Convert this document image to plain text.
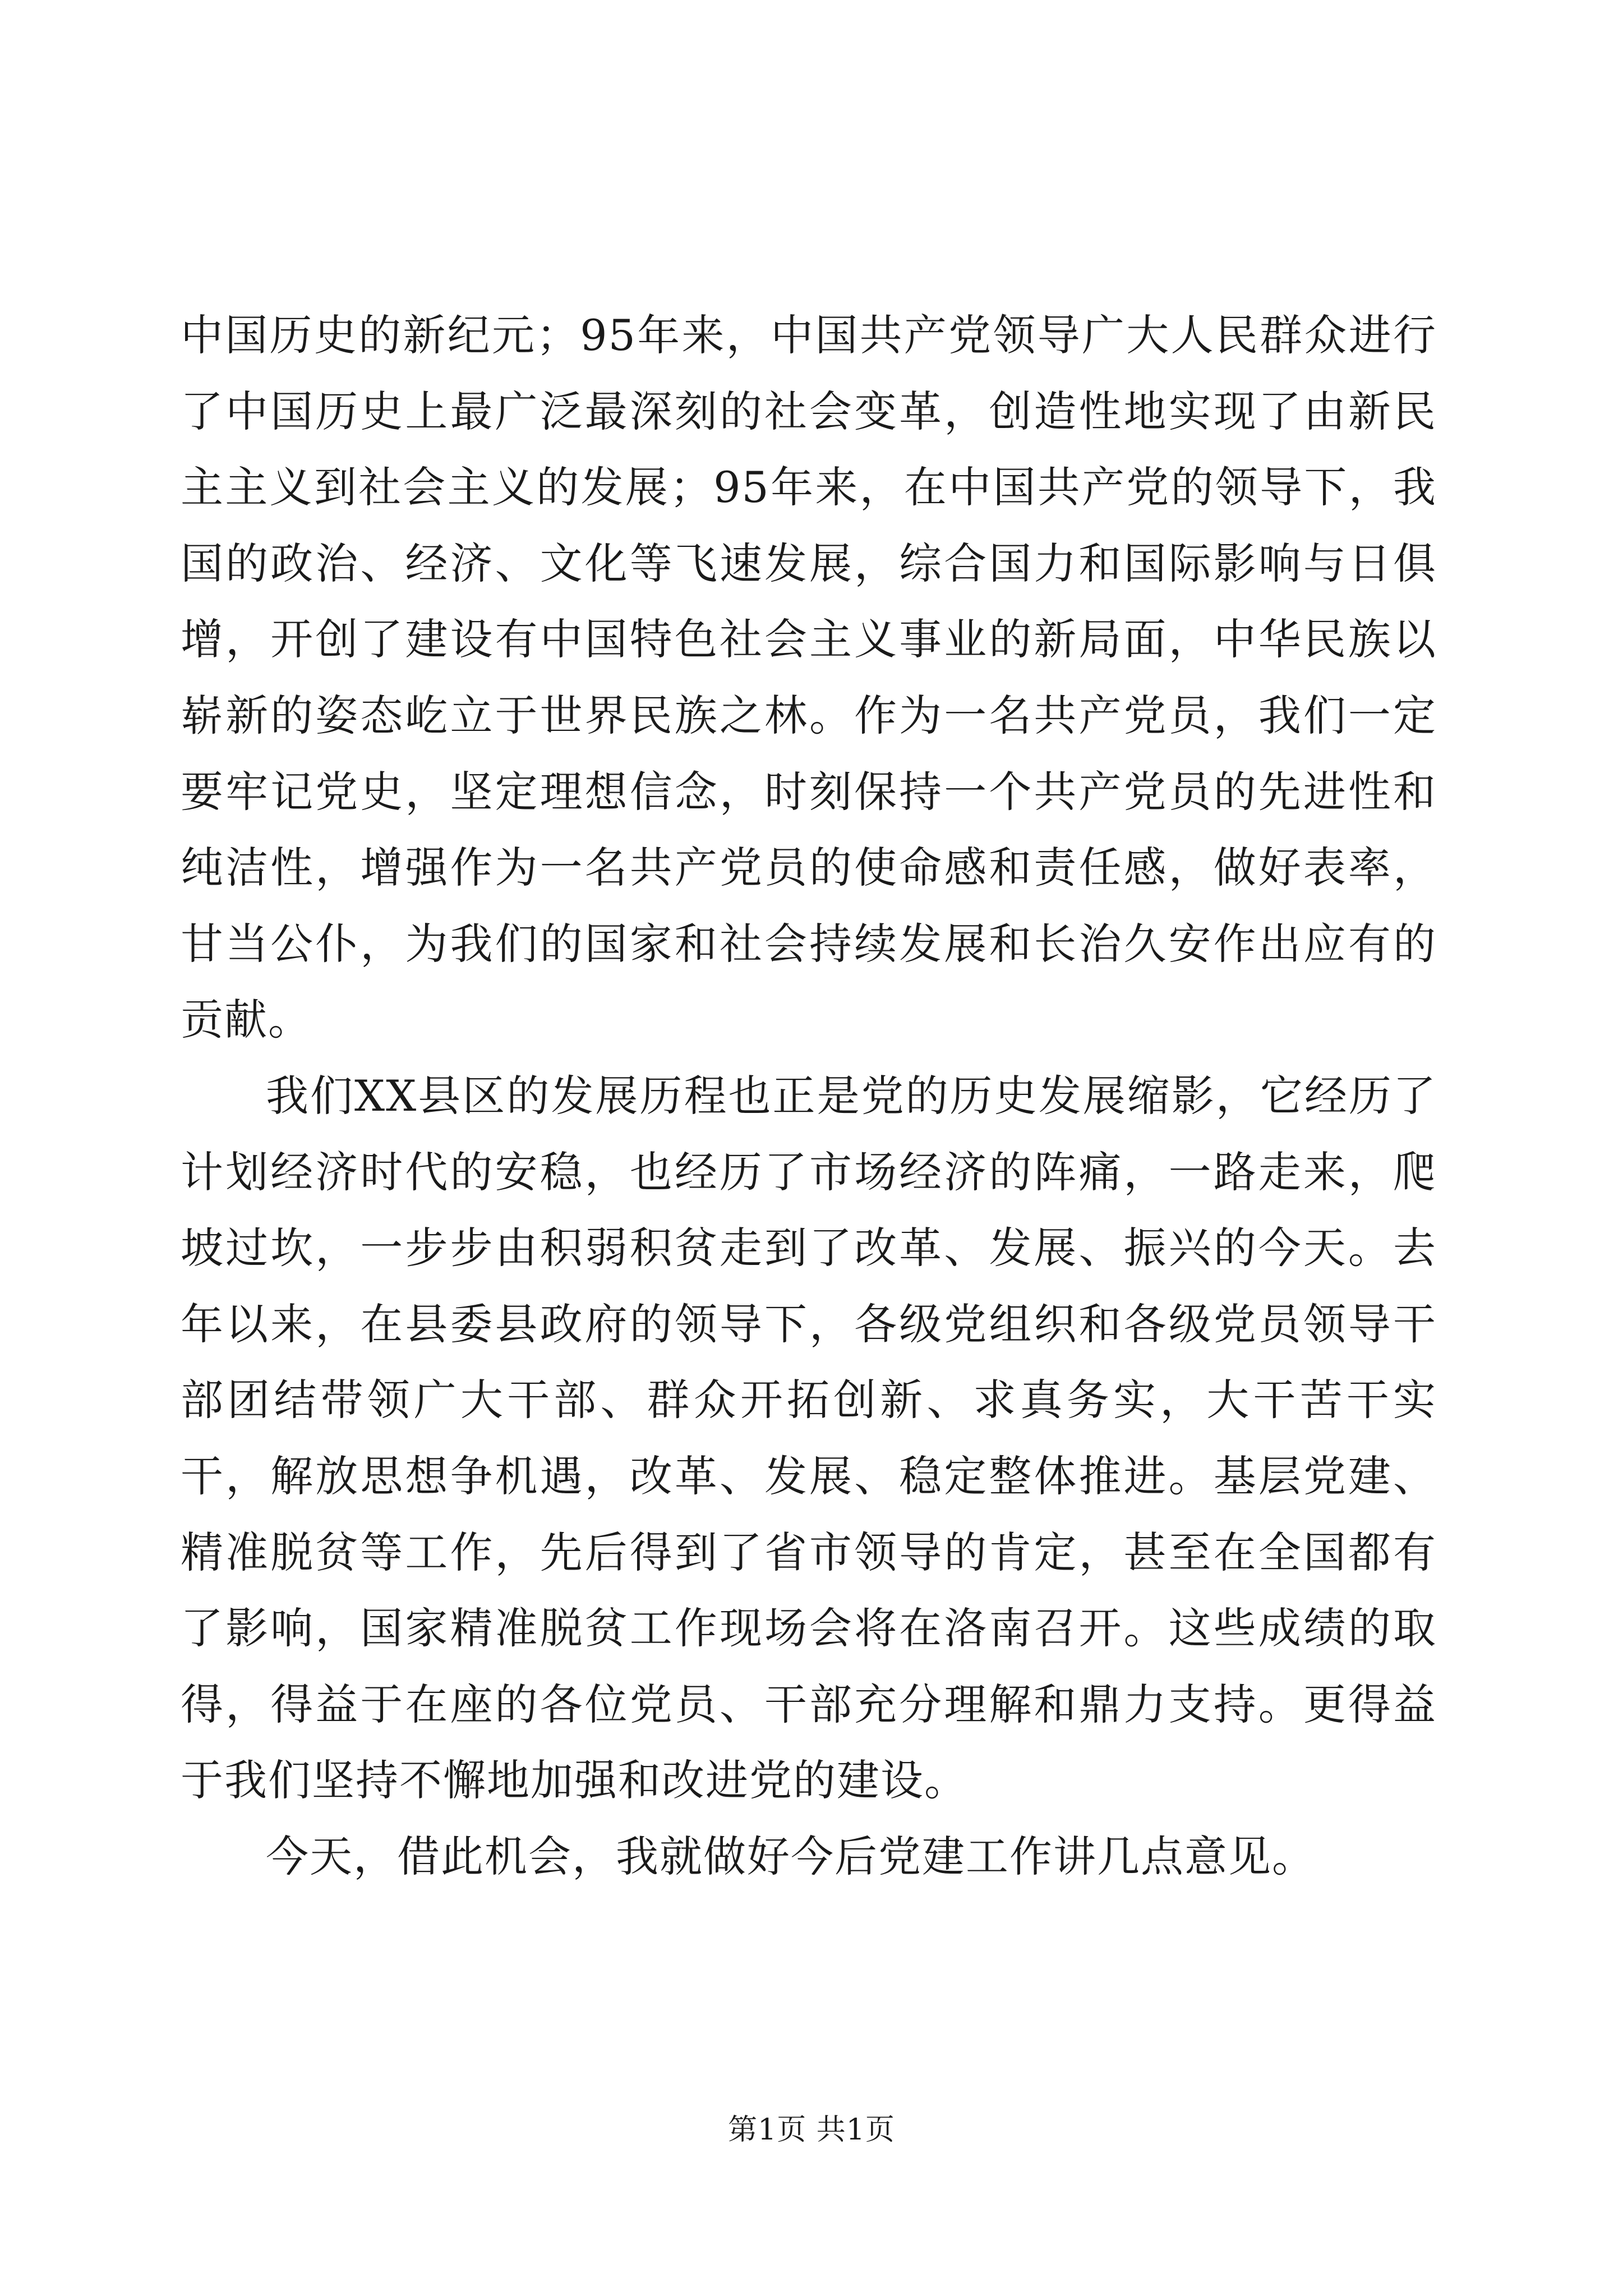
中国历史的新纪元；95年来，中国共产党领导广大人民群众进行了中国历史上最广泛最深刻的社会变革，创造性地实现了由新民主主义到社会主义的发展；95年来，在中国共产党的领导下，我国的政治、经济、文化等飞速发展，综合国力和国际影响与日俱增，开创了建设有中国特色社会主义事业的新局面，中华民族以崭新的姿态屹立于世界民族之林。作为一名共产党员，我们一定要牢记党史，坚定理想信念，时刻保持一个共产党员的先进性和纯洁性，增强作为一名共产党员的使命感和责任感，做好表率，甘当公仆，为我们的国家和社会持续发展和长治久安作出应有的贡献。

我们XX县区的发展历程也正是党的历史发展缩影，它经历了计划经济时代的安稳，也经历了市场经济的阵痛，一路走来，爬坡过坎，一步步由积弱积贫走到了改革、发展、振兴的今天。去年以来，在县委县政府的领导下，各级党组织和各级党员领导干部团结带领广大干部、群众开拓创新、求真务实，大干苦干实干，解放思想争机遇，改革、发展、稳定整体推进。基层党建、精准脱贫等工作，先后得到了省市领导的肯定，甚至在全国都有了影响，国家精准脱贫工作现场会将在洛南召开。这些成绩的取得，得益于在座的各位党员、干部充分理解和鼎力支持。更得益于我们坚持不懈地加强和改进党的建设。

今天，借此机会，我就做好今后党建工作讲几点意见。

第1页 共1页
